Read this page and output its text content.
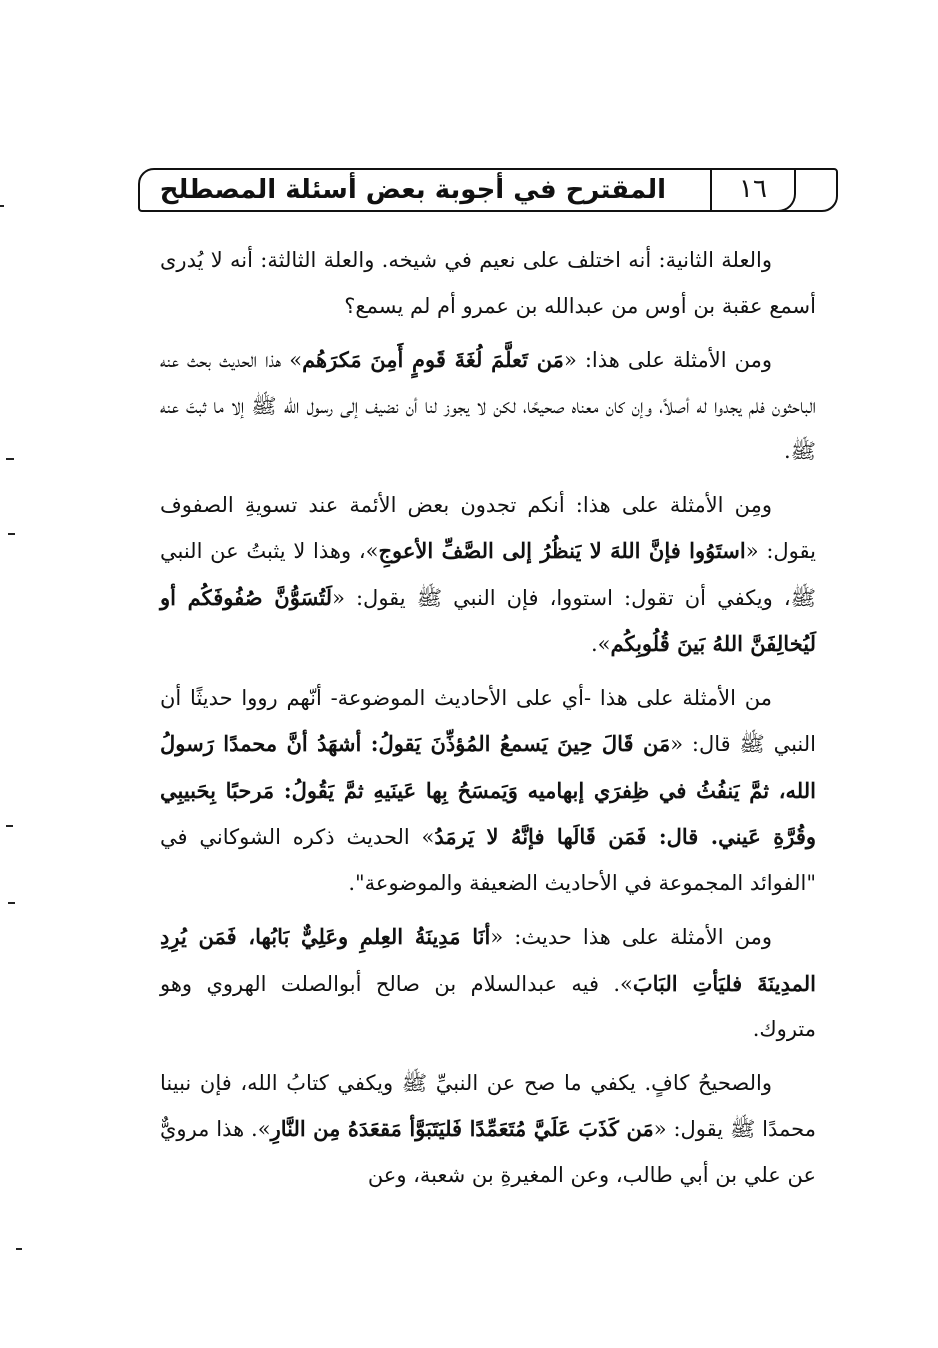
١٦
المقترح في أجوبة بعض أسئلة المصطلح

والعلة الثانية: أنه اختلف على نعيم في شيخه. والعلة الثالثة: أنه لا يُدرى أسمع عقبة بن أوس من عبدالله بن عمرو أم لم يسمع؟

ومن الأمثلة على هذا: «مَن تَعلَّمَ لُغَةَ قَومٍ أَمِنَ مَكرَهُم» هذا الحديث بحث عنه الباحثون فلم يجدوا له أصلاً، وإن كان معناه صحيحًا، لكن لا يجوز لنا أن نضيف إلى رسول الله ﷺ إلا ما ثبتَ عنه ﷺ.

ومِن الأمثلة على هذا: أنكم تجدون بعض الأئمة عند تسويةِ الصفوف يقول: «استَوُوا فإنَّ اللهَ لا يَنظُرُ إلى الصَّفِّ الأعوجِ»، وهذا لا يثبتُ عن النبي ﷺ، ويكفي أن تقول: استووا، فإن النبي ﷺ يقول: «لَتُسَوُّنَّ صُفُوفَكُم أو لَيُخالِفَنَّ اللهُ بَينَ قُلُوبِكُم».

من الأمثلة على هذا -أي على الأحاديث الموضوعة- أنّهم رووا حديثًا أن النبي ﷺ قال: «مَن قَالَ حِينَ يَسمعُ المُؤذِّنَ يَقولُ: أشهَدُ أنَّ محمدًا رَسولُ الله، ثمَّ يَنفُثُ في ظِفرَي إبهاميه وَيَمسَحُ بِها عَينَيهِ ثمَّ يَقُولُ: مَرحبًا بِحَبيبِي وقُرَّةِ عَيني. قال: فَمَن قَالَها فإنَّهُ لا يَرمَدُ» الحديث ذكره الشوكاني في "الفوائد المجموعة في الأحاديث الضعيفة والموضوعة".

ومن الأمثلة على هذا حديث: «أنَا مَدِينَةُ العِلمِ وعَلِيٌّ بَابُها، فَمَن يُرِدِ المدِينَةَ فليَأتِ البَابَ». فيه عبدالسلام بن صالح أبوالصلت الهروي وهو متروك.

والصحيحُ كافٍ. يكفي ما صح عن النبيِّ ﷺ ويكفي كتابُ الله، فإن نبينا محمدًا ﷺ يقول: «مَن كَذَبَ عَلَيَّ مُتَعَمِّدًا فَليَتَبَوَّأ مَقعَدَهُ مِن النَّارِ». هذا مرويٌّ عن علي بن أبي طالب، وعن المغيرةِ بن شعبة، وعن
